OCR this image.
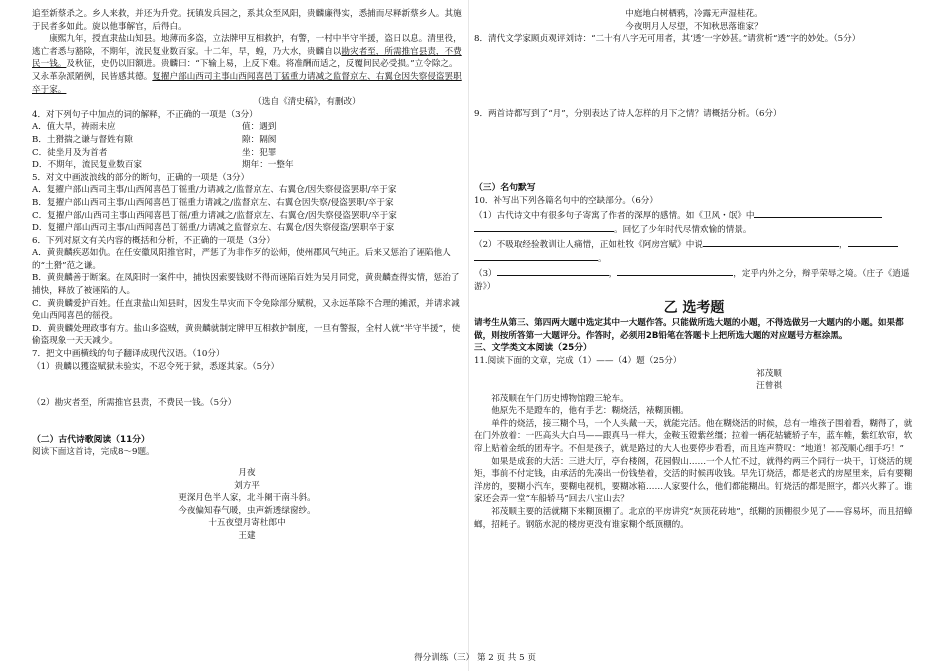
追至新蔡杀之。乡人来救，并还为升党。抚镇发兵园之，系其众至风阳，贵麟廉得实，悉捕而尽释新蔡乡人。其施于民者多如此。旋以他事解官，后得白。

康熙九年，授直隶盐山知县。地薄而多盗，立法牌甲互相救护，有警，一村中半守半援，盗日以息。清里役，逃亡者悉与豁除，不期年，流民复业数百家。十二年，早，蝗，乃大水，贵麟自以勘灾者至，所需推官县责，不费民一钱。及秋征，史仍以旧额进。贵麟曰：“下输上易，上反下难。将准酬而适之，反覆间民必受损。”立令除之。又永革杂派陋例，民皆感其德。复擢户部山西司主事山西闻喜邑丁猛重力请减之监督京左、右翼仓因失察侵盗罢职卒于家。

（选自《清史稿》，有删改）

4．对下列句子中加点的词的解释，不正确的一项是（3分）

A．值大旱，祷雨未应	值：遇到
B．土猾揣之谦与督姓有隙	隙：隔阂
C．徒坐月及为首者	坐：犯罪
D．不期年，流民复业数百家	期年：一整年

5．对文中画波浪线的部分的断句，正确的一项是（3分）

A．复擢户部山西司主事/山西闻喜邑丁徭重/力请减之/监督京左、右翼仓/因失察侵盗罢职/卒于家

B．复擢户部山西司主事/山西闻喜邑丁徭重力请减之/监督京左、右翼仓因失察/侵盗罢职/卒于家

C．复擢户部/山西司主事山西闻喜邑丁徭/重力请减之/监督京左、右翼仓/因失察侵盗罢职/卒于家

D．复擢户部山西司主事/山西闻喜邑丁徭重/力请减之监督京左、右翼仓/因失察侵盗/罢职卒于家

6．下列对原文有关内容的概括和分析，不正确的一项是（3分）

A．黄贵麟疾恶如仇。在任安徽凤阳推官时，严惩了为非作歹的讼师，使州郡风气纯正。后来又惩治了诬陷他人的“土猾”范之谦。

B．黄贵麟善于断案。在凤阳时一案件中，捕快因索要钱财不得而诬陷百姓为吴月同党，黄贵麟查得实情，惩治了捕快，释放了被诬陷的人。

C．黄贵麟爱护百姓。任直隶盐山知县时，因发生旱灾而下令免除部分赋税，又永远革除不合理的摊派，并请求减免山西闻喜邑的徭役。

D．黄贵麟处理政事有方。盐山多盗贼，黄贵麟就制定牌甲互相救护制度，一旦有警报，全村人就“半守半援”，使偷盗现象一天天减少。

7．把文中画横线的句子翻译成现代汉语。（10分）

（1）贵麟以獲盗赋狱未验实，不忍令死于狱，悉逐其家。（5分）

（2）勘灾者至，所需推官县责，不费民一钱。（5分）

（二）古代诗歌阅读（11分）

阅读下面这首诗，完成8～9题。

月夜

刘方平

更深月色半人家，北斗阑干南斗斜。

今夜偏知春气暖，虫声新透绿窗纱。

十五夜望月寄杜郎中

王建

中庭地白树栖鸦，冷露无声湿桂花。

今夜明月人尽望，不知秋思落谁家？

8．清代文学家顾贞观评刘诗：“二十有八字无可用者，其‘透’一字妙甚。”请赏析“透”字的妙处。（5分）

9．两首诗都写到了“月”，分别表达了诗人怎样的月下之情？请概括分析。（6分）

（三）名句默写

10．补写出下列各篇名句中的空缺部分。（6分）

（1）古代诗文中有很多句子寄寓了作者的深厚的感情。如《卫风・氓》中

。回忆了少年时代尽情欢愉的情景。

（2）不吸取经验教训让人痛惜，正如杜牧《阿房宫赋》中说	，

。

（3）	，	，定乎内外之分，辩乎荣辱之境。（庄子《逍遥游》）

乙 选考题

请考生从第三、第四两大题中选定其中一大题作答。只能做所选大题的小题，不得选做另一大题内的小题。如果都做，则按所答第一大题评分。作答时，必须用2B铅笔在答题卡上把所选大题的对应题号方框涂黑。

三、文学类文本阅读（25分）

11.阅读下面的文章，完成（1）——（4）题（25分）

祁茂顺

汪曾祺

祁茂顺在午门历史博物馆蹬三轮车。

他原先不是蹬车的，他有手艺：糊烧活，裱糊顶棚。

单件的烧活，接三糊个马，一个人头戴一天，就能完活。他在糊烧活的时候，总有一堆孩子围着看，糊得了，就在门外放着：一匹高头大白马——跟真马一样大，金鞍玉镫紫丝缰；拉着一辆花轱辘轿子车，蓝车帷，紫红软帘，软帘上贴着金纸的团寿字。不但是孩子，就是路过的大人也要停步看看，而且连声赞叹：“地道！祁茂顺心细手巧！”

如果是成套的大活：三进大厅，亭台楼阁，花园假山……一个人忙不过，就得约两三个同行一块干，订烧活的规矩，事前不付定钱，由承活的先凑出一份钱垫着，交活的时候再收钱。早先订烧活，都是老式的房屋里来，后有要糊洋房的，要糊小汽车，要糊电视机，要糊冰箱……人家要什么，他们都能糊出。钉烧活的都是照字，都兴火葬了。谁家还会弄一堂“车船轿马”回去八宝山去？

祁茂顺主要的活就糊下来糊顶棚了。北京的平房讲究“灰顶花砖地”，纸糊的顶棚很少见了——容易坏，而且招蟑螂，招耗子。钢筋水泥的楼房更没有谁家糊个纸顶棚的。

得分训练（三） 第 2 页 共 5 页
